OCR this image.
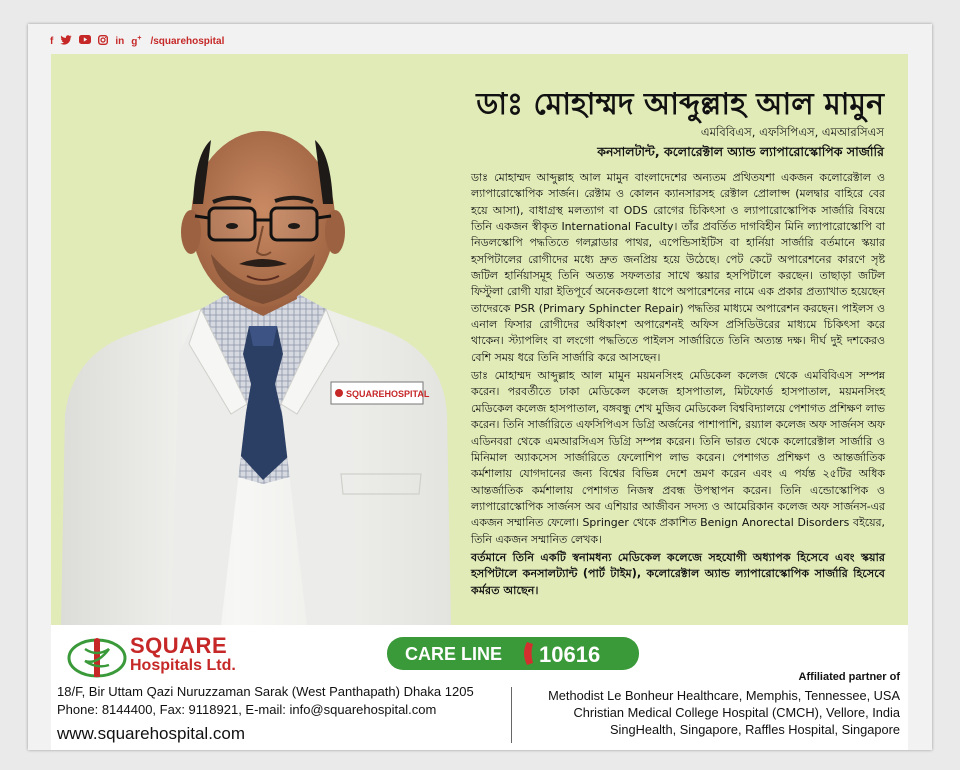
f	in g+ /squarehospital
SQUAREHOSPITAL
ডাঃ মোহাম্মদ আব্দুল্লাহ আল মামুন
এমবিবিএস, এফসিপিএস, এমআরসিএস
কনসালটান্ট, কলোরেক্টাল অ্যান্ড ল্যাপারোস্কোপিক সার্জারি

ডাঃ মোহাম্মদ আব্দুল্লাহ আল মামুন বাংলাদেশের অন্যতম প্রথিতযশা একজন কলোরেক্টাল ও ল্যাপারোস্কোপিক সার্জন। রেক্টাম ও কোলন ক্যানসারসহ রেক্টাল প্রোলাপ্স (মলদ্বার বাহিরে বের হয়ে আসা), বাধাগ্রস্থ মলত্যাগ বা ODS রোগের চিকিৎসা ও ল্যাপারোস্কোপিক সার্জারি বিষয়ে তিনি একজন স্বীকৃত International Faculty। তাঁর প্রবর্তিত দাগবিহীন মিনি ল্যাপারোস্কোপি বা নিডলস্কোপি পদ্ধতিতে গলব্লাডার পাথর, এপেন্ডিসাইটিস বা হার্নিয়া সার্জারি বর্তমানে স্কয়ার হসপিটালের রোগীদের মধ্যে দ্রুত জনপ্রিয় হয়ে উঠেছে। পেট কেটে অপারেশনের কারণে সৃষ্ট জটিল হার্নিয়াসমূহ তিনি অত্যন্ত সফলতার সাথে স্কয়ার হসপিটালে করছেন। তাছাড়া জটিল ফিস্টুলা রোগী যারা ইতিপূর্বে অনেকগুলো ধাপে অপারেশনের নামে এক প্রকার প্রত্যাখাত হয়েছেন তাদেরকে PSR (Primary Sphincter Repair) পদ্ধতির মাধ্যমে অপারেশন করছেন। পাইলস ও এনাল ফিসার রোগীদের অধিকাংশ অপারেশনই অফিস প্রসিডিউরের মাধ্যমে চিকিৎসা করে থাকেন। স্ট্যাপলিং বা লংগো পদ্ধতিতে পাইলস সার্জারিতে তিনি অত্যন্ত দক্ষ। দীর্ঘ দুই দশকেরও বেশি সময় ধরে তিনি সার্জারি করে আসছেন।

ডাঃ মোহাম্মদ আব্দুল্লাহ আল মামুন ময়মনসিংহ মেডিকেল কলেজ থেকে এমবিবিএস সম্পন্ন করেন। পরবর্তীতে ঢাকা মেডিকেল কলেজ হাসপাতাল, মিটফোর্ড হাসপাতাল, ময়মনসিংহ মেডিকেল কলেজ হাসপাতাল, বঙ্গবন্ধু শেখ মুজিব মেডিকেল বিশ্ববিদ্যালয়ে পেশাগত প্রশিক্ষণ লাভ করেন। তিনি সার্জারিতে এফসিপিএস ডিগ্রি অর্জনের পাশাপাশি, রয়্যাল কলেজ অফ সার্জনস অফ এডিনবরা থেকে এমআরসিএস ডিগ্রি সম্পন্ন করেন। তিনি ভারত থেকে কলোরেক্টাল সার্জারি ও মিনিমাল অ্যাকসেস সার্জারিতে ফেলোশিপ লাভ করেন। পেশাগত প্রশিক্ষণ ও আন্তর্জাতিক কর্মশালায় যোগদানের জন্য বিশ্বের বিভিন্ন দেশে ভ্রমণ করেন এবং এ পর্যন্ত ২৫টির অধিক আন্তর্জাতিক কর্মশালায় পেশাগত নিজস্ব প্রবন্ধ উপস্থাপন করেন। তিনি এন্ডোস্কোপিক ও ল্যাপারোস্কোপিক সার্জনস অব এশিয়ার আজীবন সদস্য ও আমেরিকান কলেজ অফ সার্জনস-এর একজন সম্মানিত ফেলো। Springer থেকে প্রকাশিত Benign Anorectal Disorders বইয়ের, তিনি একজন সম্মানিত লেখক।

বর্তমানে তিনি একটি স্বনামধন্য মেডিকেল কলেজে সহযোগী অধ্যাপক হিসেবে এবং স্কয়ার হসপিটালে কনসালট্যান্ট (পার্ট টাইম), কলোরেক্টাল অ্যান্ড ল্যাপারোস্কোপিক সার্জারি হিসেবে কর্মরত আছেন।

SQUARE
Hospitals Ltd.
CARE LINE 10616
18/F, Bir Uttam Qazi Nuruzzaman Sarak (West Panthapath) Dhaka 1205
Phone: 8144400, Fax: 9118921, E-mail: info@squarehospital.com
www.squarehospital.com
Affiliated partner of
Methodist Le Bonheur Healthcare, Memphis, Tennessee, USA
Christian Medical College Hospital (CMCH), Vellore, India
SingHealth, Singapore, Raffles Hospital, Singapore
